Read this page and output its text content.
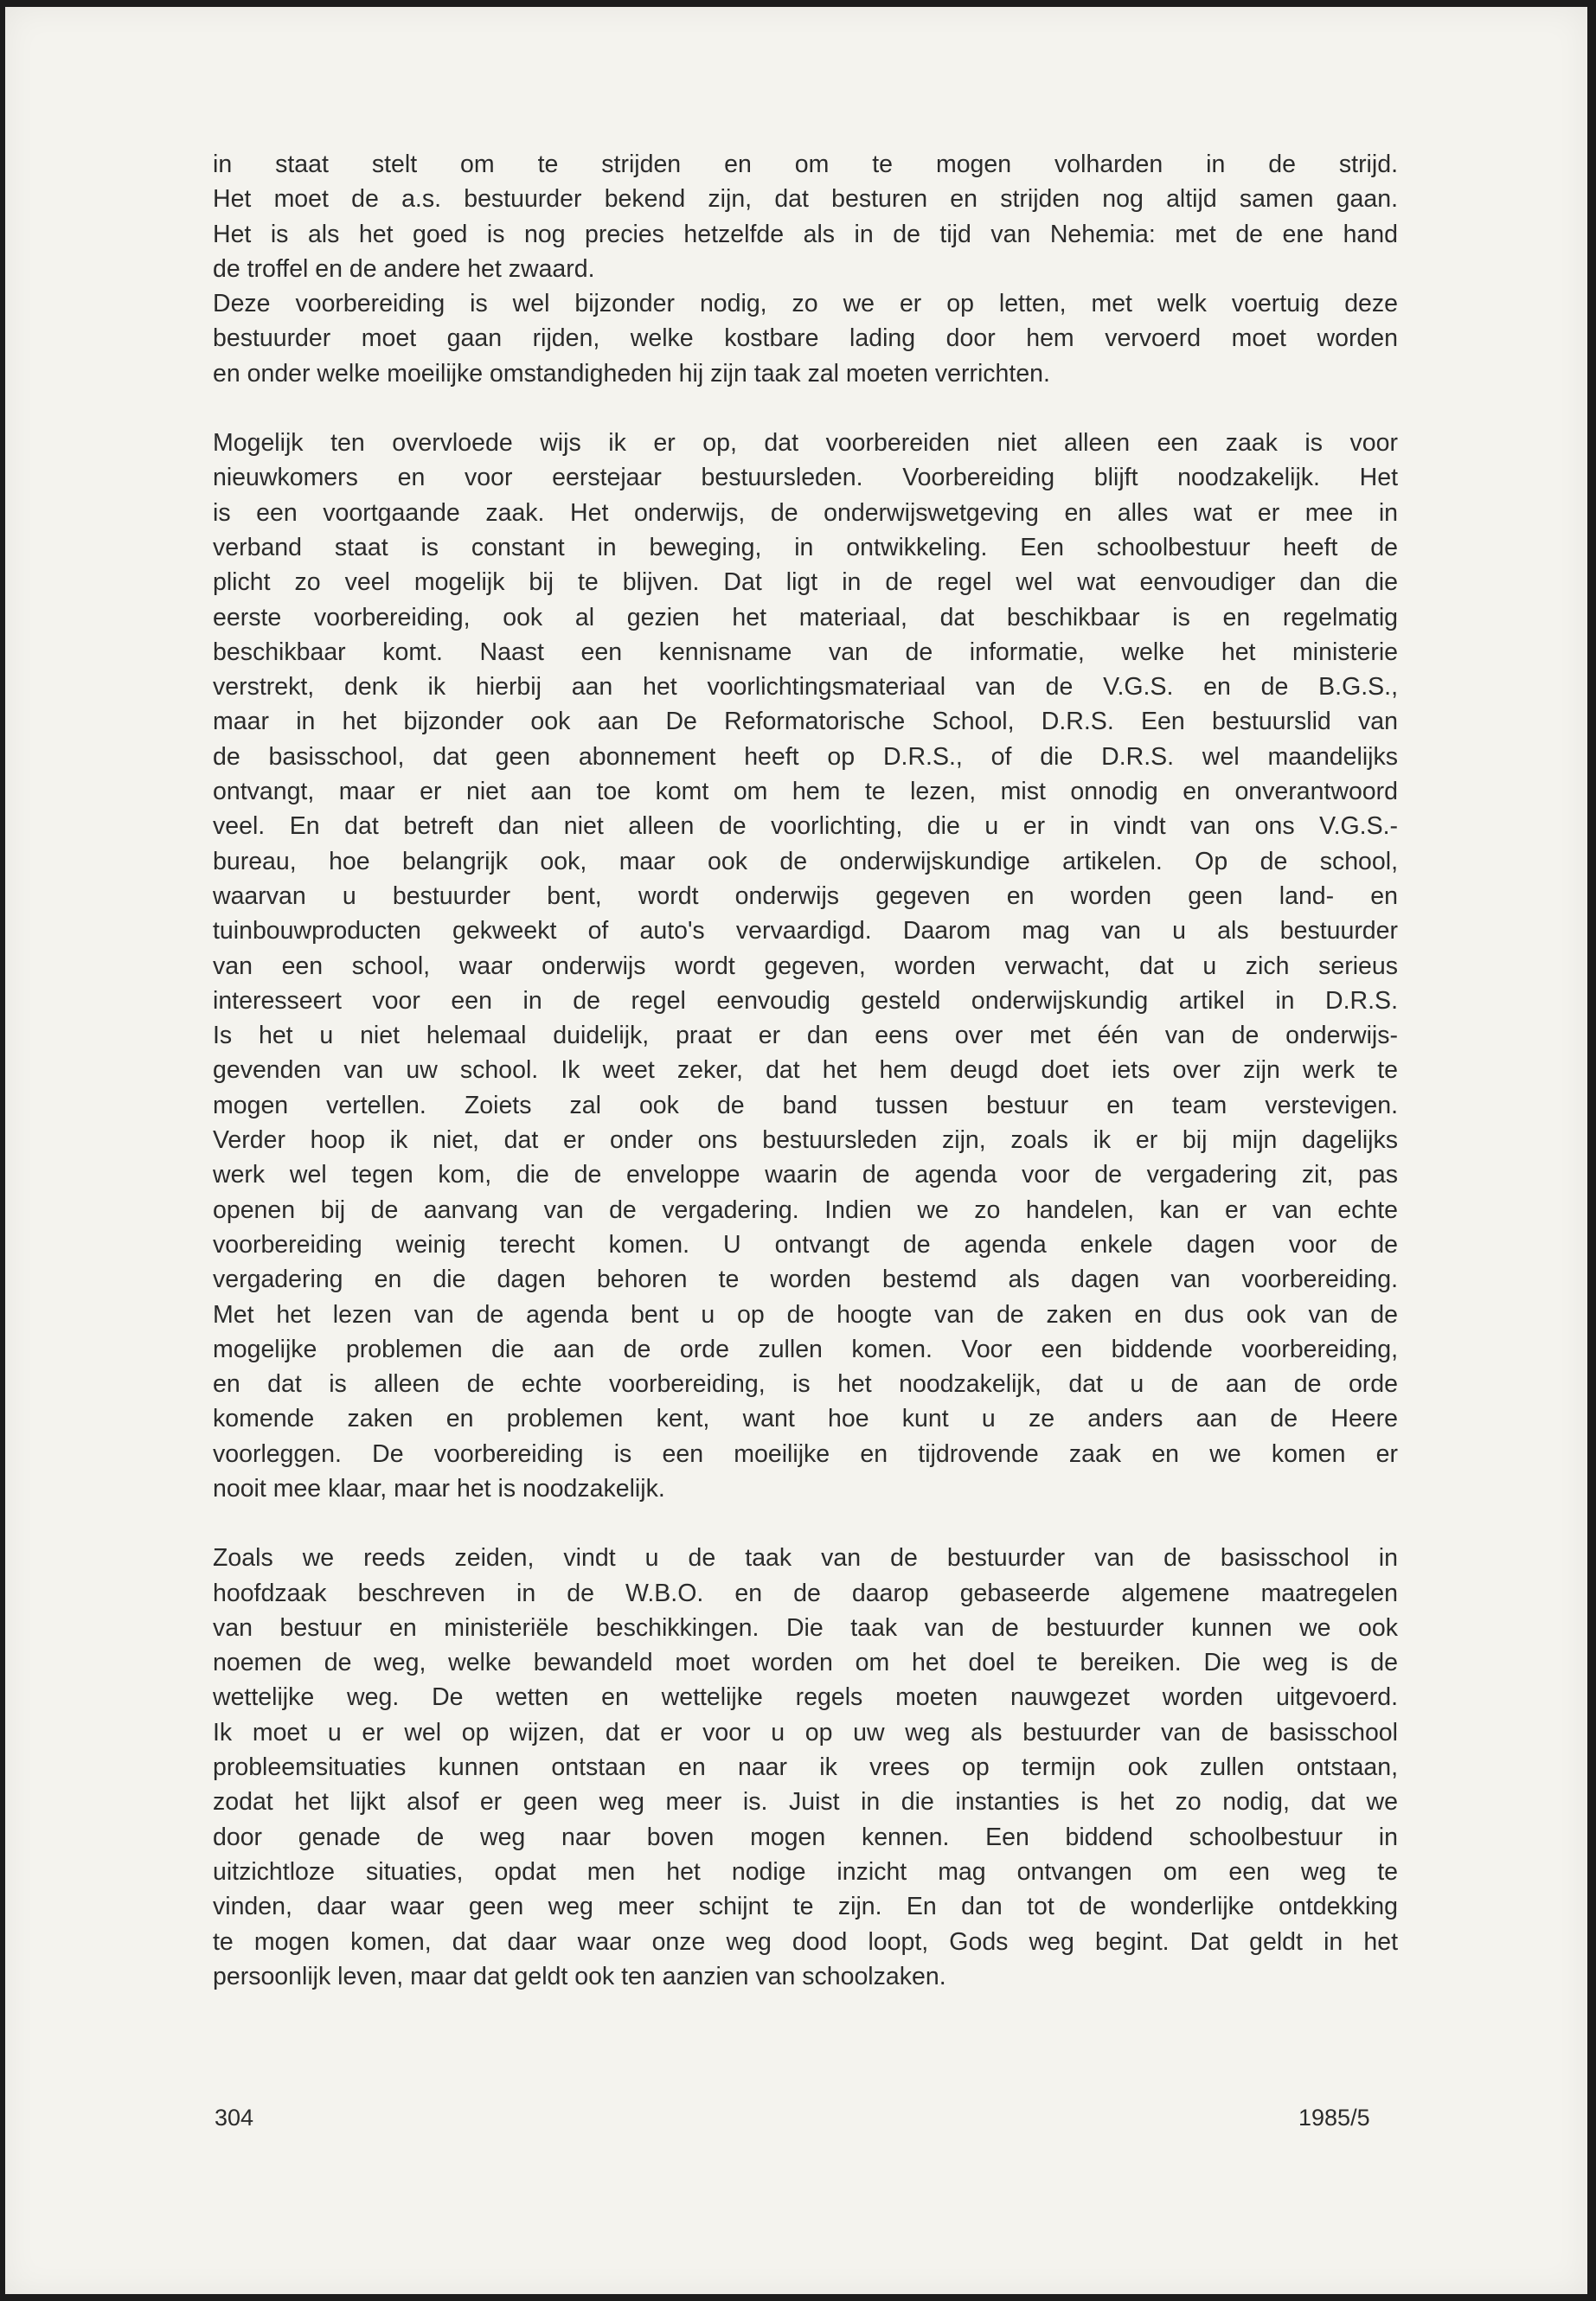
in staat stelt om te strijden en om te mogen volharden in de strijd.
Het moet de a.s. bestuurder bekend zijn, dat besturen en strijden nog altijd samen gaan.
Het is als het goed is nog precies hetzelfde als in de tijd van Nehemia: met de ene hand
de troffel en de andere het zwaard.
Deze voorbereiding is wel bijzonder nodig, zo we er op letten, met welk voertuig deze
bestuurder moet gaan rijden, welke kostbare lading door hem vervoerd moet worden
en onder welke moeilijke omstandigheden hij zijn taak zal moeten verrichten.
Mogelijk ten overvloede wijs ik er op, dat voorbereiden niet alleen een zaak is voor
nieuwkomers en voor eerstejaar bestuursleden. Voorbereiding blijft noodzakelijk. Het
is een voortgaande zaak. Het onderwijs, de onderwijswetgeving en alles wat er mee in
verband staat is constant in beweging, in ontwikkeling. Een schoolbestuur heeft de
plicht zo veel mogelijk bij te blijven. Dat ligt in de regel wel wat eenvoudiger dan die
eerste voorbereiding, ook al gezien het materiaal, dat beschikbaar is en regelmatig
beschikbaar komt. Naast een kennisname van de informatie, welke het ministerie
verstrekt, denk ik hierbij aan het voorlichtingsmateriaal van de V.G.S. en de B.G.S.,
maar in het bijzonder ook aan De Reformatorische School, D.R.S. Een bestuurslid van
de basisschool, dat geen abonnement heeft op D.R.S., of die D.R.S. wel maandelijks
ontvangt, maar er niet aan toe komt om hem te lezen, mist onnodig en onverantwoord
veel. En dat betreft dan niet alleen de voorlichting, die u er in vindt van ons V.G.S.-
bureau, hoe belangrijk ook, maar ook de onderwijskundige artikelen. Op de school,
waarvan u bestuurder bent, wordt onderwijs gegeven en worden geen land- en
tuinbouwproducten gekweekt of auto's vervaardigd. Daarom mag van u als bestuurder
van een school, waar onderwijs wordt gegeven, worden verwacht, dat u zich serieus
interesseert voor een in de regel eenvoudig gesteld onderwijskundig artikel in D.R.S.
Is het u niet helemaal duidelijk, praat er dan eens over met één van de onderwijs-
gevenden van uw school. Ik weet zeker, dat het hem deugd doet iets over zijn werk te
mogen vertellen. Zoiets zal ook de band tussen bestuur en team verstevigen.
Verder hoop ik niet, dat er onder ons bestuursleden zijn, zoals ik er bij mijn dagelijks
werk wel tegen kom, die de enveloppe waarin de agenda voor de vergadering zit, pas
openen bij de aanvang van de vergadering. Indien we zo handelen, kan er van echte
voorbereiding weinig terecht komen. U ontvangt de agenda enkele dagen voor de
vergadering en die dagen behoren te worden bestemd als dagen van voorbereiding.
Met het lezen van de agenda bent u op de hoogte van de zaken en dus ook van de
mogelijke problemen die aan de orde zullen komen. Voor een biddende voorbereiding,
en dat is alleen de echte voorbereiding, is het noodzakelijk, dat u de aan de orde
komende zaken en problemen kent, want hoe kunt u ze anders aan de Heere
voorleggen. De voorbereiding is een moeilijke en tijdrovende zaak en we komen er
nooit mee klaar, maar het is noodzakelijk.
Zoals we reeds zeiden, vindt u de taak van de bestuurder van de basisschool in
hoofdzaak beschreven in de W.B.O. en de daarop gebaseerde algemene maatregelen
van bestuur en ministeriële beschikkingen. Die taak van de bestuurder kunnen we ook
noemen de weg, welke bewandeld moet worden om het doel te bereiken. Die weg is de
wettelijke weg. De wetten en wettelijke regels moeten nauwgezet worden uitgevoerd.
Ik moet u er wel op wijzen, dat er voor u op uw weg als bestuurder van de basisschool
probleemsituaties kunnen ontstaan en naar ik vrees op termijn ook zullen ontstaan,
zodat het lijkt alsof er geen weg meer is. Juist in die instanties is het zo nodig, dat we
door genade de weg naar boven mogen kennen. Een biddend schoolbestuur in
uitzichtloze situaties, opdat men het nodige inzicht mag ontvangen om een weg te
vinden, daar waar geen weg meer schijnt te zijn. En dan tot de wonderlijke ontdekking
te mogen komen, dat daar waar onze weg dood loopt, Gods weg begint. Dat geldt in het
persoonlijk leven, maar dat geldt ook ten aanzien van schoolzaken.
304	1985/5
